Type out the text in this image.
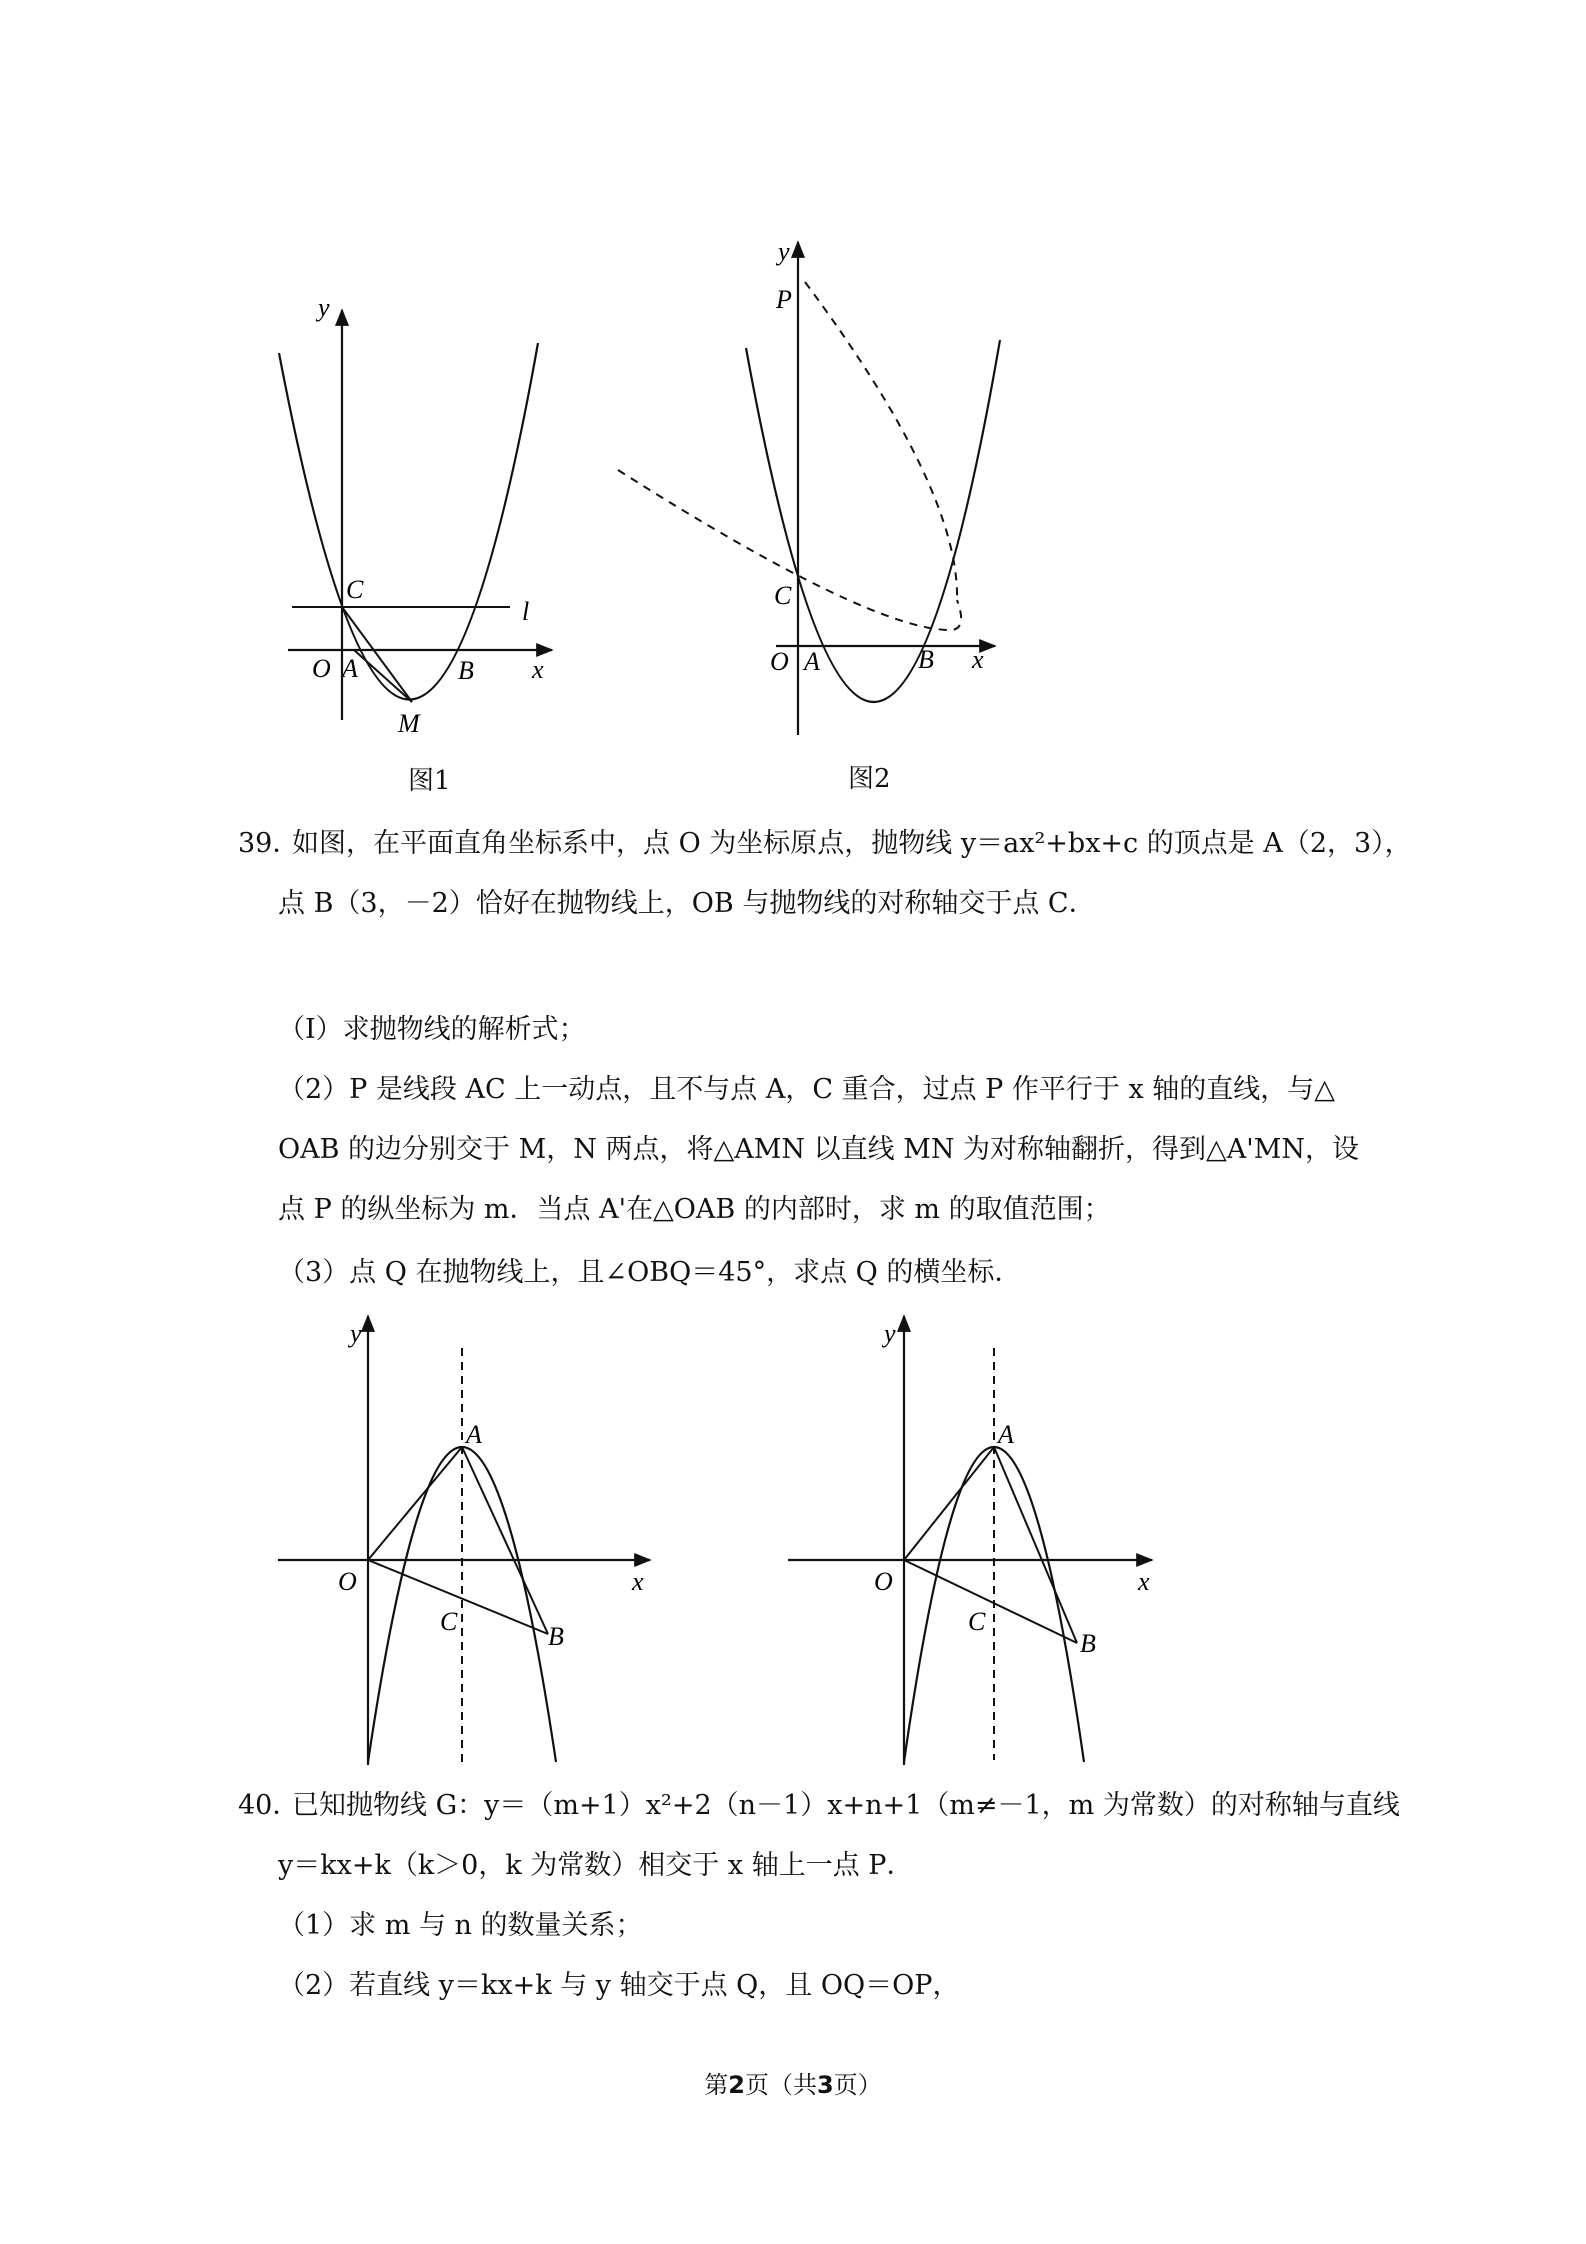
y
x
O A	B
C
M
l
图1
y
x
O A	B
C
P
图2
39．
如图，在平面直角坐标系中，点 O 为坐标原点，抛物线 y＝ax²+bx+c 的顶点是 A（2，3），
点 B（3，－2）恰好在抛物线上，OB 与抛物线的对称轴交于点 C．
（I）求抛物线的解析式；
（2）P 是线段 AC 上一动点，且不与点 A，C 重合，过点 P 作平行于 x 轴的直线，与△
OAB 的边分别交于 M，N 两点，将△AMN 以直线 MN 为对称轴翻折，得到△A'MN，设
点 P 的纵坐标为 m．当点 A'在△OAB 的内部时，求 m 的取值范围；
（3）点 Q 在抛物线上，且∠OBQ＝45°，求点 Q 的横坐标．
y
x
O
A
C
B
y
x
O
A
C
B
40．
已知抛物线 G：y＝（m+1）x²+2（n－1）x+n+1（m≠－1，m 为常数）的对称轴与直线
y＝kx+k（k＞0，k 为常数）相交于 x 轴上一点 P．
（1）求 m 与 n 的数量关系；
（2）若直线 y＝kx+k 与 y 轴交于点 Q，且 OQ＝OP，
第2页（共3页）
